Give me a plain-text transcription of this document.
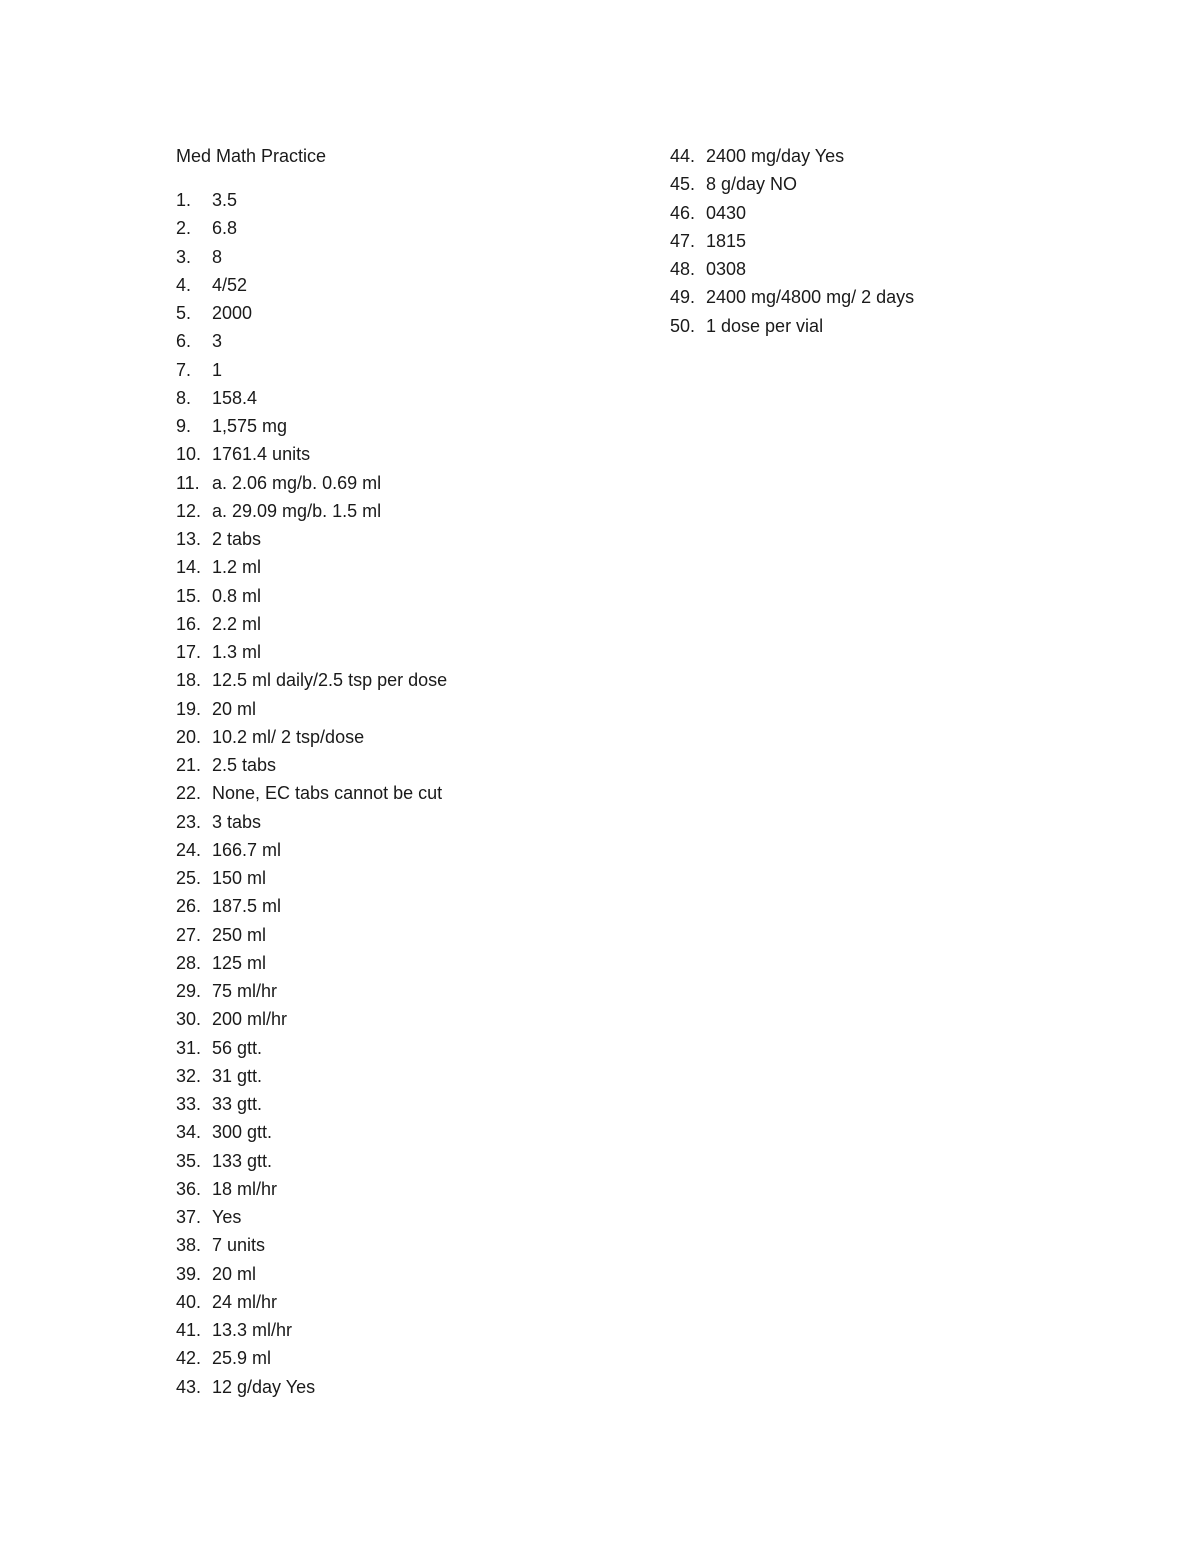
Med Math Practice
1. 3.5
2. 6.8
3. 8
4. 4/52
5. 2000
6. 3
7. 1
8. 158.4
9. 1,575 mg
10. 1761.4 units
11. a. 2.06 mg/b. 0.69 ml
12. a. 29.09 mg/b. 1.5 ml
13. 2 tabs
14. 1.2 ml
15. 0.8 ml
16. 2.2 ml
17. 1.3 ml
18. 12.5 ml daily/2.5 tsp per dose
19. 20 ml
20. 10.2 ml/ 2 tsp/dose
21. 2.5 tabs
22. None, EC tabs cannot be cut
23. 3 tabs
24. 166.7 ml
25. 150 ml
26. 187.5 ml
27. 250 ml
28. 125 ml
29. 75 ml/hr
30. 200 ml/hr
31. 56 gtt.
32. 31 gtt.
33. 33 gtt.
34. 300 gtt.
35. 133 gtt.
36. 18 ml/hr
37. Yes
38. 7 units
39. 20 ml
40. 24 ml/hr
41. 13.3 ml/hr
42. 25.9 ml
43. 12 g/day Yes
44. 2400 mg/day Yes
45. 8 g/day NO
46. 0430
47. 1815
48. 0308
49. 2400 mg/4800 mg/ 2 days
50. 1 dose per vial
